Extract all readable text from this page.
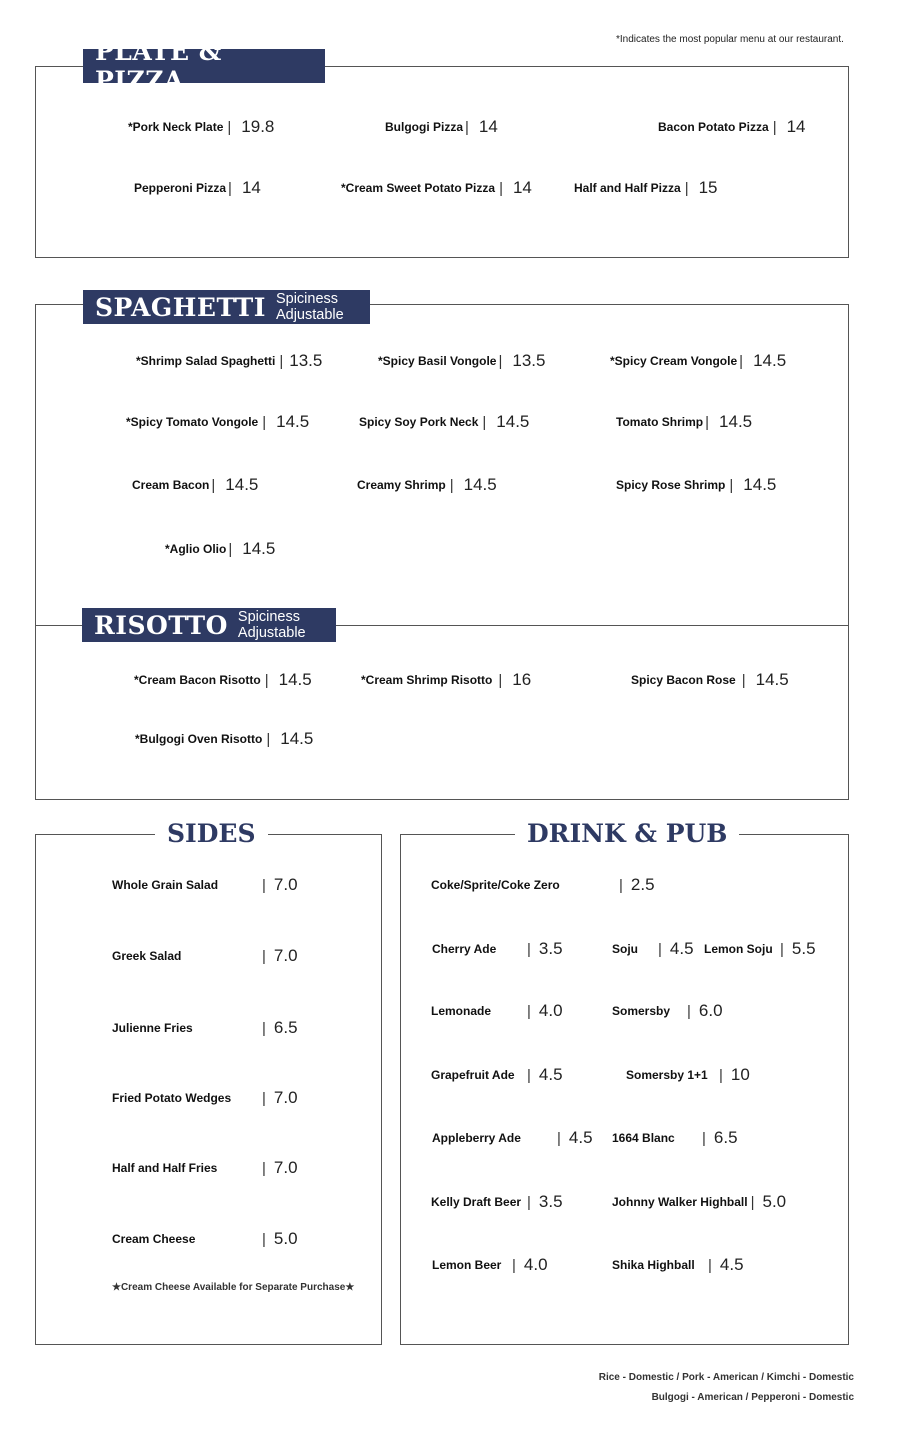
*Indicates the most popular menu at our restaurant.
PLATE & PIZZA
*Pork Neck Plate | 19.8	Bulgogi Pizza | 14	Bacon Potato Pizza | 14
Pepperoni Pizza | 14	*Cream Sweet Potato Pizza | 14	Half and Half Pizza | 15
SPAGHETTI Spiciness
Adjustable
*Shrimp Salad Spaghetti | 13.5	*Spicy Basil Vongole | 13.5	*Spicy Cream Vongole | 14.5
*Spicy Tomato Vongole | 14.5	Spicy Soy Pork Neck | 14.5	Tomato Shrimp | 14.5
Cream Bacon | 14.5	Creamy Shrimp | 14.5	Spicy Rose Shrimp | 14.5
*Aglio Olio | 14.5
RISOTTO Spiciness
Adjustable
*Cream Bacon Risotto | 14.5	*Cream Shrimp Risotto | 16	Spicy Bacon Rose | 14.5
*Bulgogi Oven Risotto | 14.5
SIDES
Whole Grain Salad	| 7.0
Greek Salad	| 7.0
Julienne Fries	| 6.5
Fried Potato Wedges	| 7.0
Half and Half Fries	| 7.0
Cream Cheese	| 5.0
★Cream Cheese Available for Separate Purchase★
DRINK & PUB
Coke/Sprite/Coke Zero	| 2.5
Cherry Ade	| 3.5	Soju	| 4.5 Lemon Soju | 5.5
Lemonade	| 4.0	Somersby	| 6.0
Grapefruit Ade | 4.5	Somersby 1+1 | 10
Appleberry Ade	| 4.5 1664 Blanc	| 6.5
Kelly Draft Beer | 3.5	Johnny Walker Highball | 5.0
Lemon Beer | 4.0	Shika Highball | 4.5
Rice - Domestic / Pork - American / Kimchi - Domestic
Bulgogi - American / Pepperoni - Domestic
